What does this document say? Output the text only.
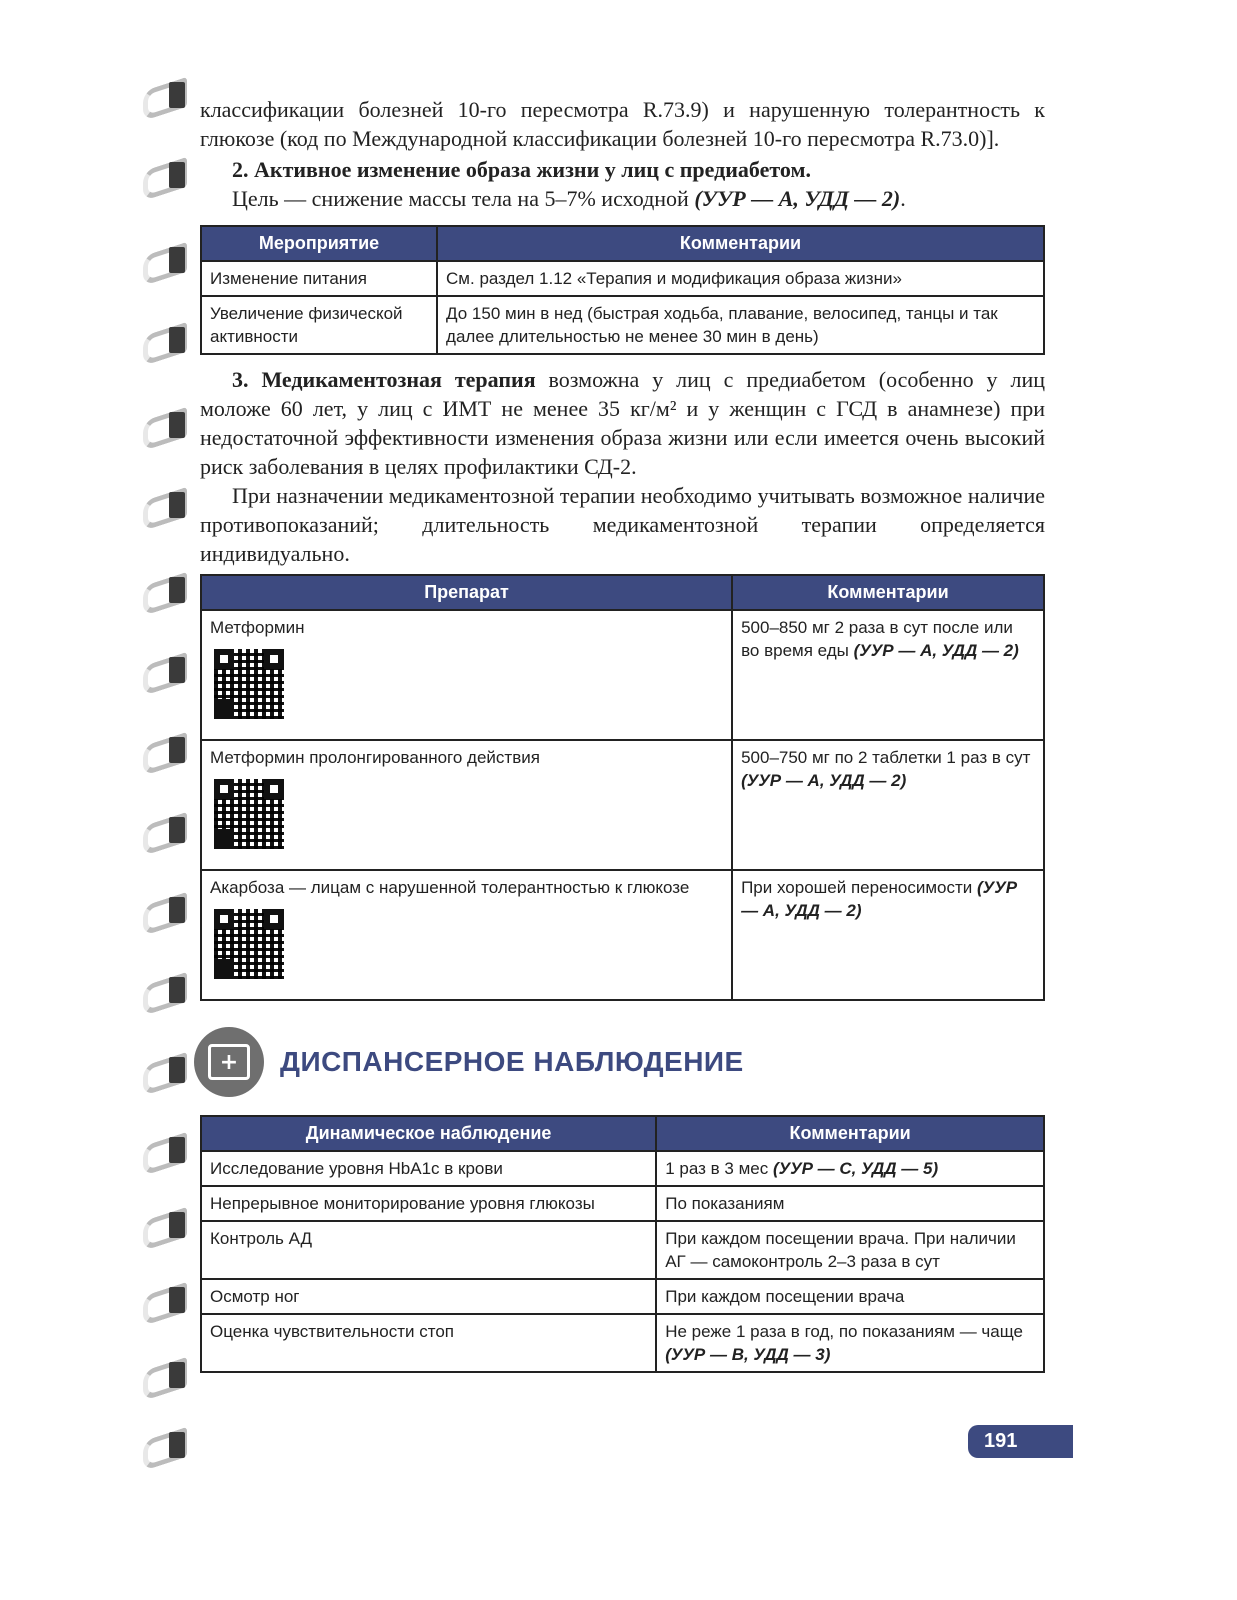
классификации болезней 10-го пересмотра R.73.9) и нарушенную толерантность к глюкозе (код по Международной классификации болезней 10-го пересмотра R.73.0)].

2. Активное изменение образа жизни у лиц с предиабетом.

Цель — снижение массы тела на 5–7% исходной (УУР — А, УДД — 2).

Мероприятие	Комментарии
Изменение питания	См. раздел 1.12 «Терапия и модификация образа жизни»
Увеличение физической активности	До 150 мин в нед (быстрая ходьба, плавание, велосипед, танцы и так далее длительностью не менее 30 мин в день)

3. Медикаментозная терапия возможна у лиц с предиабетом (особенно у лиц моложе 60 лет, у лиц с ИМТ не менее 35 кг/м² и у женщин с ГСД в анамнезе) при недостаточной эффективности изменения образа жизни или если имеется очень высокий риск заболевания в целях профилактики СД-2.

При назначении медикаментозной терапии необходимо учитывать возможное наличие противопоказаний; длительность медикаментозной терапии определяется индивидуально.

Препарат	Комментарии

Метформин	500–850 мг 2 раза в сут после или во время еды (УУР — А, УДД — 2)

Метформин пролонгированного действия	500–750 мг по 2 таблетки 1 раз в сут (УУР — А, УДД — 2)

Акарбоза — лицам с нарушенной толерантностью к глюкозе	При хорошей переносимости (УУР — А, УДД — 2)
+	ДИСПАНСЕРНОЕ НАБЛЮДЕНИЕ
Динамическое наблюдение	Комментарии
Исследование уровня HbA1c в крови	1 раз в 3 мес (УУР — С, УДД — 5)
Непрерывное мониторирование уровня глюкозы	По показаниям
Контроль АД	При каждом посещении врача. При наличии АГ — самоконтроль 2–3 раза в сут
Осмотр ног	При каждом посещении врача
Оценка чувствительности стоп	Не реже 1 раза в год, по показаниям — чаще (УУР — В, УДД — 3)
191
